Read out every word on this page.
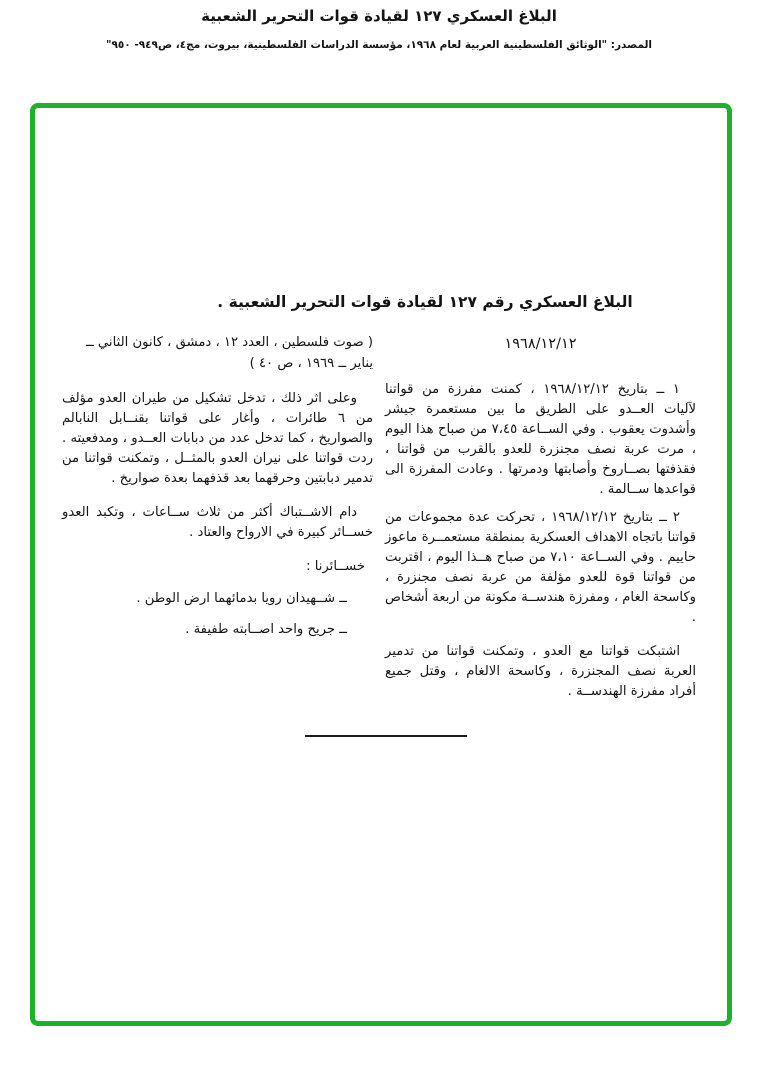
البلاغ العسكري ١٢٧ لقيادة قوات التحرير الشعبية
المصدر: "الوثائق الفلسطينية العربية لعام ١٩٦٨، مؤسسة الدراسات الفلسطينية، بيروت، مج٤، ص٩٤٩- ٩٥٠"
البلاغ العسكري رقم ١٢٧ لقيادة قوات التحرير الشعبية .
١٩٦٨/١٢/١٢

١ ــ بتاريخ ١٩٦٨/١٢/١٢ ، كمنت مفرزة من قواتنا لآليات العــدو على الطريق ما بين مستعمرة جيشر وأشدوت يعقوب . وفي الســاعة ٧،٤٥ من صباح هذا اليوم ، مرت عربة نصف مجنزرة للعدو بالقرب من قواتنا ، فقذفتها بصــاروخ وأصابتها ودمرتها . وعادت المفرزة الى قواعدها ســالمة .

٢ ــ بتاريخ ١٩٦٨/١٢/١٢ ، تحركت عدة مجموعات من قواتنا باتجاه الاهداف العسكرية بمنطقة مستعمــرة ماعوز حاييم . وفي الســاعة ٧،١٠ من صباح هــذا اليوم ، اقتربت من قواتنا قوة للعدو مؤلفة من عربة نصف مجنزرة ، وكاسحة الغام ، ومفرزة هندســة مكونة من اربعة أشخاص .

اشتبكت قواتنا مع العدو ، وتمكنت قواتنا من تدمير العربة نصف المجنزرة ، وكاسحة الالغام ، وقتل جميع أفراد مفرزة الهندســة .

( صوت فلسطين ، العدد ١٢ ، دمشق ، كانون الثاني ــ يناير ــ ١٩٦٩ ، ص ٤٠ )

وعلى اثر ذلك ، تدخل تشكيل من طيران العدو مؤلف من ٦ طائرات ، وأغار على قواتنا بقنــابل النابالم والصواريخ ، كما تدخل عدد من دبابات العــدو ، ومدفعيته . ردت قواتنا على نيران العدو بالمثــل ، وتمكنت قواتنا من تدمير دبابتين وحرقهما بعد قذفهما بعدة صواريخ .

دام الاشــتباك أكثر من ثلاث ســاعات ، وتكبد العدو خســائر كبيرة في الارواح والعتاد .

خســائرنا :

ــ شــهيدان رويا بدمائهما ارض الوطن .

ــ جريح واحد اصــابته طفيفة .
